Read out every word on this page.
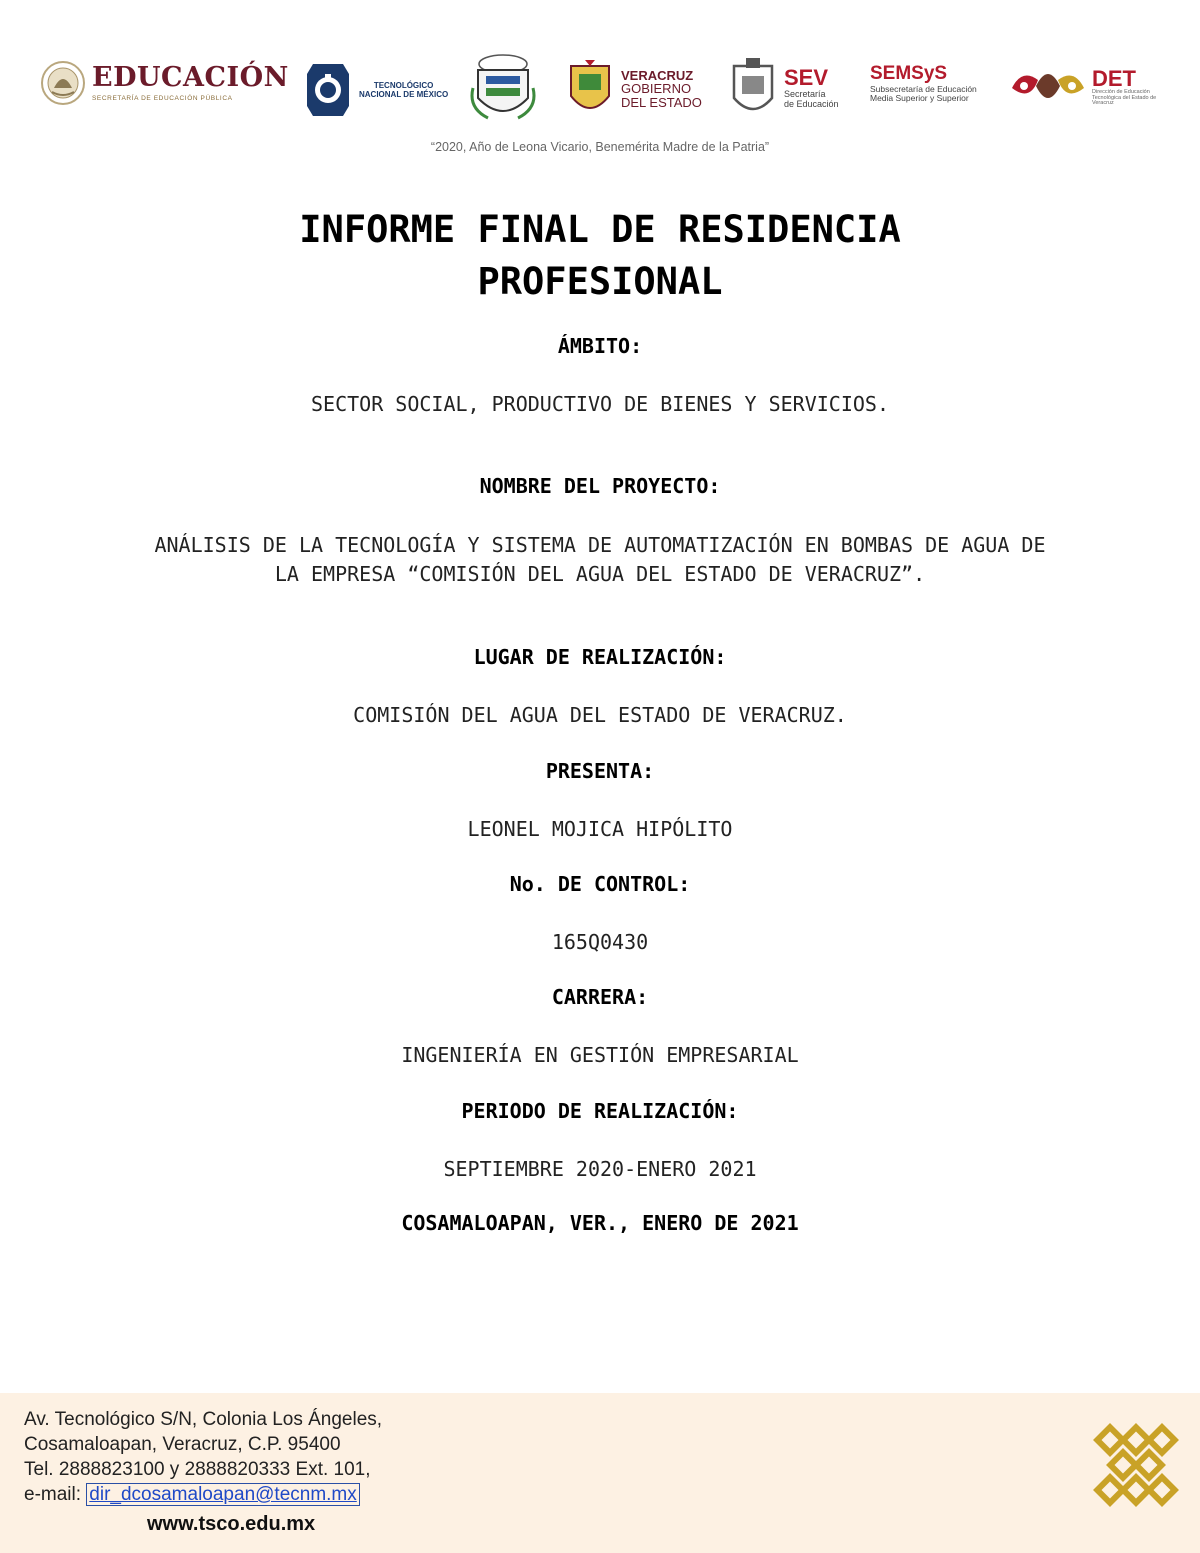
EDUCACIÓN
SECRETARÍA DE EDUCACIÓN PÚBLICA
TECNOLÓGICO
NACIONAL DE MÉXICO
VERACRUZ
GOBIERNO
DEL ESTADO
SEV
Secretaría
de Educación
SEMSyS
Subsecretaría de Educación
Media Superior y Superior
DET
Dirección de Educación Tecnológica del Estado de Veracruz
“2020, Año de Leona Vicario, Benemérita Madre de la Patria”
INFORME FINAL DE RESIDENCIA
PROFESIONAL
ÁMBITO:
SECTOR SOCIAL, PRODUCTIVO DE BIENES Y SERVICIOS.
NOMBRE DEL PROYECTO:
ANÁLISIS DE LA TECNOLOGÍA Y SISTEMA DE AUTOMATIZACIÓN EN BOMBAS DE AGUA DE LA EMPRESA “COMISIÓN DEL AGUA DEL ESTADO DE VERACRUZ”.
LUGAR DE REALIZACIÓN:
COMISIÓN DEL AGUA DEL ESTADO DE VERACRUZ.
PRESENTA:
LEONEL MOJICA HIPÓLITO
No. DE CONTROL:
165Q0430
CARRERA:
INGENIERÍA EN GESTIÓN EMPRESARIAL
PERIODO DE REALIZACIÓN:
SEPTIEMBRE 2020-ENERO 2021
COSAMALOAPAN, VER., ENERO DE 2021
Av. Tecnológico S/N, Colonia Los Ángeles,
Cosamaloapan, Veracruz, C.P. 95400
Tel. 2888823100 y 2888820333 Ext. 101,
e-mail: dir_dcosamaloapan@tecnm.mx
www.tsco.edu.mx
